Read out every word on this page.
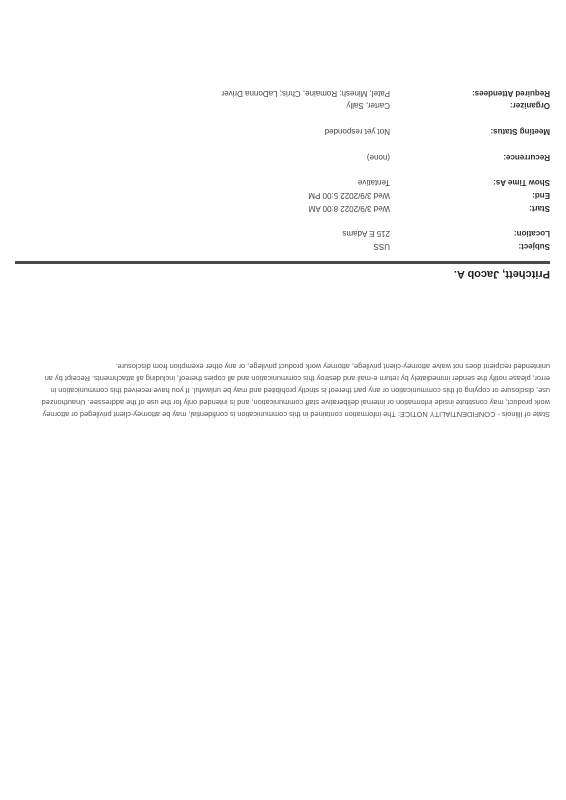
Subject:
USS
Location:
215 E Adams
Start:
Wed 3/9/2022 8:00 AM
End:
Wed 3/9/2022 5:00 PM
Show Time As:
Tentative
Recurrence:
(none)
Meeting Status:
Not yet responded
Organizer:
Carter, Sally
Required Attendees:
Patel, Minesh; Romaine, Chris; LaDonna Driver
Pritchett, Jacob A.

State of Illinois - CONFIDENTIALITY NOTICE: The information contained in this communication is confidential, may be attorney-client privileged or attorney work product, may constitute inside information or internal deliberative staff communication, and is intended only for the use of the addressee. Unauthorized use, disclosure or copying of this communication or any part thereof is strictly prohibited and may be unlawful. If you have received this communication in error, please notify the sender immediately by return e-mail and destroy this communication and all copies thereof, including all attachments. Receipt by an unintended recipient does not waive attorney-client privilege, attorney work product privilege, or any other exemption from disclosure.
